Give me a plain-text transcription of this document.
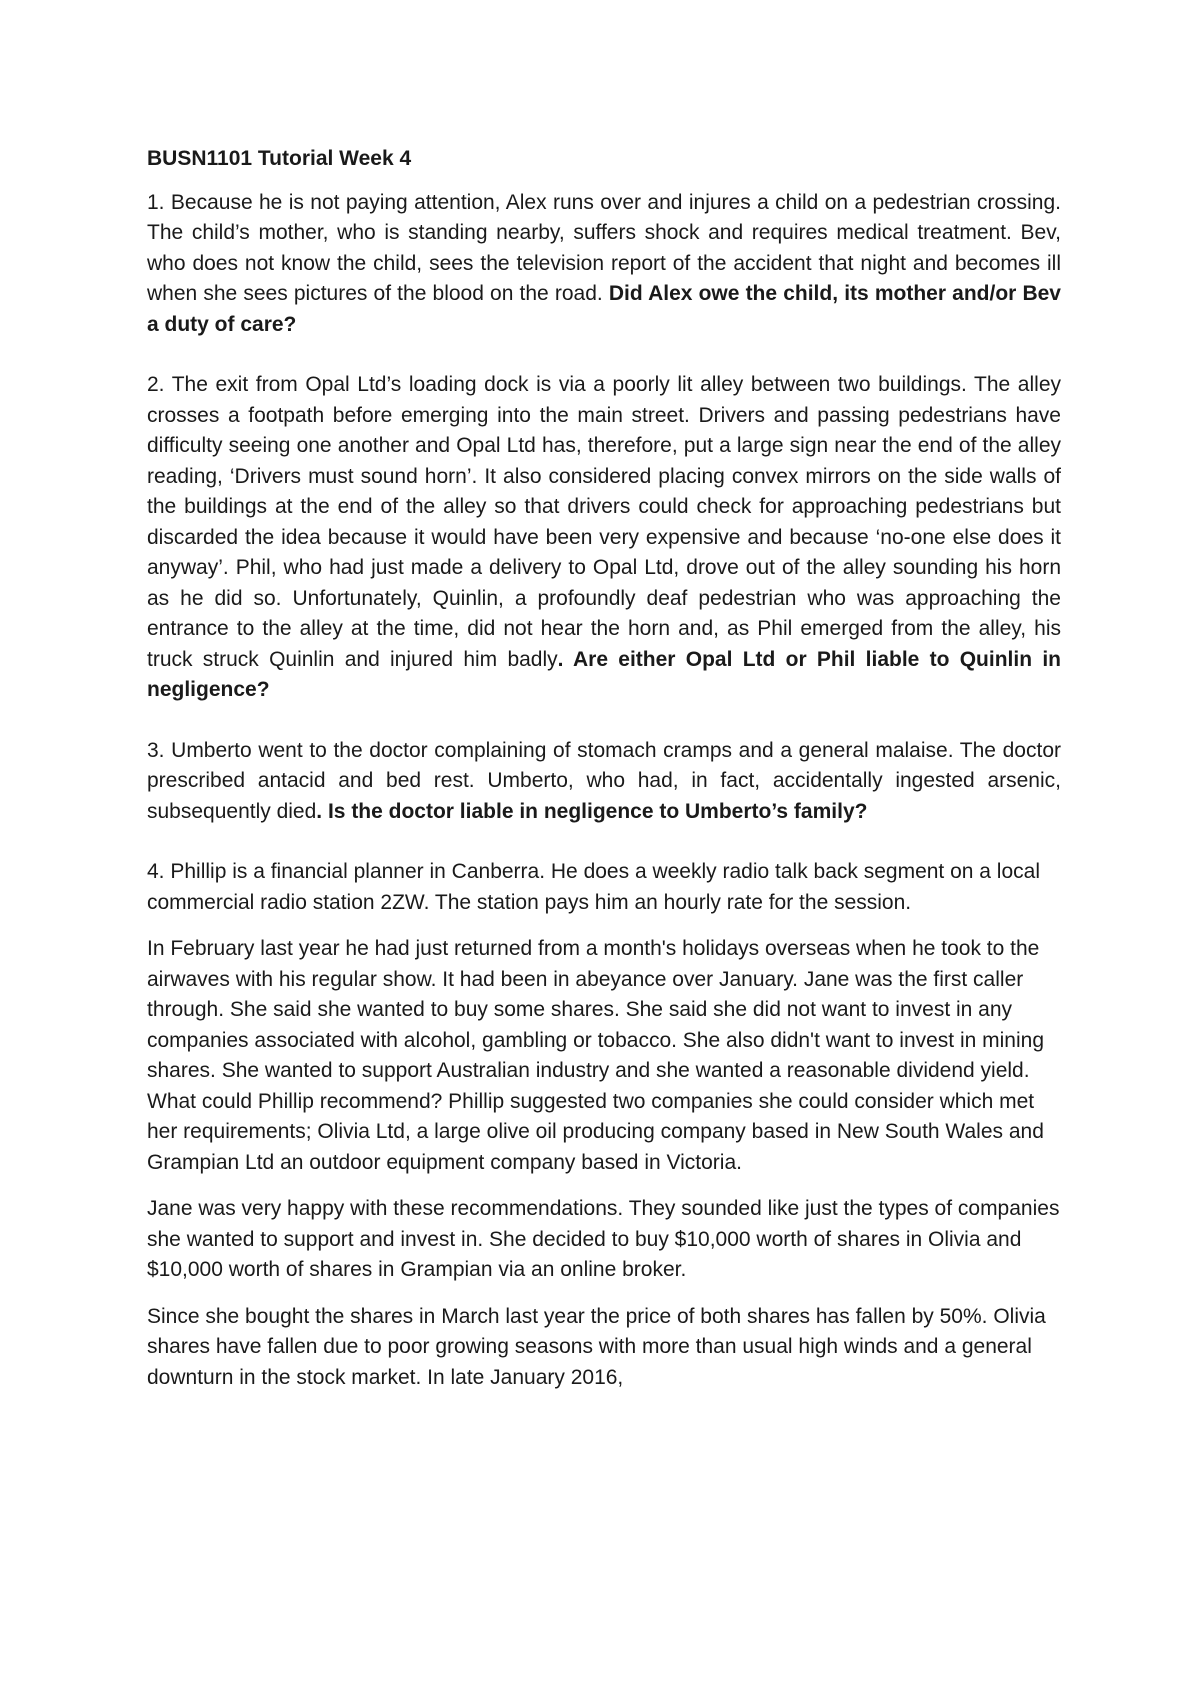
BUSN1101 Tutorial Week 4

1. Because he is not paying attention, Alex runs over and injures a child on a pedestrian crossing. The child’s mother, who is standing nearby, suffers shock and requires medical treatment. Bev, who does not know the child, sees the television report of the accident that night and becomes ill when she sees pictures of the blood on the road. Did Alex owe the child, its mother and/or Bev a duty of care?

2. The exit from Opal Ltd’s loading dock is via a poorly lit alley between two buildings. The alley crosses a footpath before emerging into the main street. Drivers and passing pedestrians have difficulty seeing one another and Opal Ltd has, therefore, put a large sign near the end of the alley reading, ‘Drivers must sound horn’. It also considered placing convex mirrors on the side walls of the buildings at the end of the alley so that drivers could check for approaching pedestrians but discarded the idea because it would have been very expensive and because ‘no-one else does it anyway’. Phil, who had just made a delivery to Opal Ltd, drove out of the alley sounding his horn as he did so. Unfortunately, Quinlin, a profoundly deaf pedestrian who was approaching the entrance to the alley at the time, did not hear the horn and, as Phil emerged from the alley, his truck struck Quinlin and injured him badly. Are either Opal Ltd or Phil liable to Quinlin in negligence?

3. Umberto went to the doctor complaining of stomach cramps and a general malaise. The doctor prescribed antacid and bed rest. Umberto, who had, in fact, accidentally ingested arsenic, subsequently died. Is the doctor liable in negligence to Umberto’s family?

4. Phillip is a financial planner in Canberra. He does a weekly radio talk back segment on a local commercial radio station 2ZW. The station pays him an hourly rate for the session.

In February last year he had just returned from a month's holidays overseas when he took to the airwaves with his regular show. It had been in abeyance over January. Jane was the first caller through. She said she wanted to buy some shares. She said she did not want to invest in any companies associated with alcohol, gambling or tobacco. She also didn't want to invest in mining shares. She wanted to support Australian industry and she wanted a reasonable dividend yield. What could Phillip recommend? Phillip suggested two companies she could consider which met her requirements; Olivia Ltd, a large olive oil producing company based in New South Wales and Grampian Ltd an outdoor equipment company based in Victoria.

Jane was very happy with these recommendations. They sounded like just the types of companies she wanted to support and invest in. She decided to buy $10,000 worth of shares in Olivia and $10,000 worth of shares in Grampian via an online broker.

Since she bought the shares in March last year the price of both shares has fallen by 50%. Olivia shares have fallen due to poor growing seasons with more than usual high winds and a general downturn in the stock market. In late January 2016,
